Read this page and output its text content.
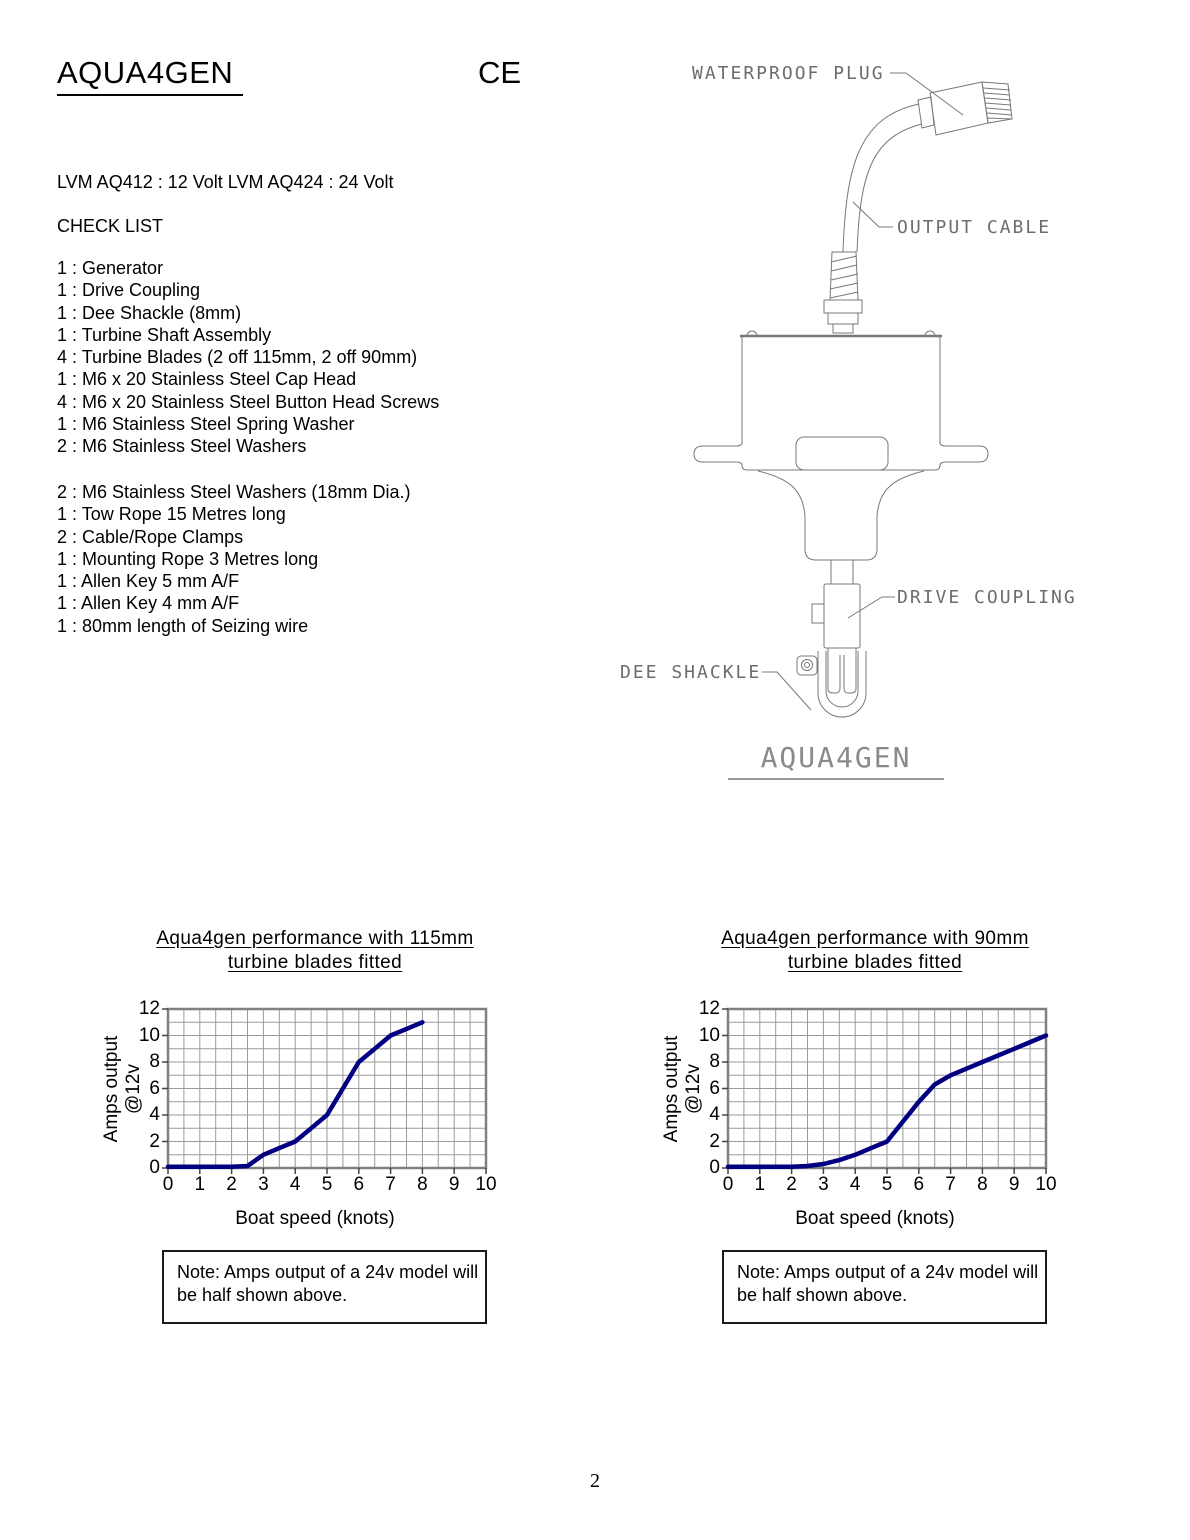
AQUA4GEN	CE
LVM AQ412 : 12 Volt LVM AQ424 : 24 Volt
CHECK LIST
1 : Generator
1 : Drive Coupling
1 : Dee Shackle (8mm)
1 : Turbine Shaft Assembly
4 : Turbine Blades (2 off 115mm, 2 off 90mm)
1 : M6 x 20 Stainless Steel Cap Head
4 : M6 x 20 Stainless Steel Button Head Screws
1 : M6 Stainless Steel Spring Washer
2 : M6 Stainless Steel Washers
2 : M6 Stainless Steel Washers (18mm Dia.)
1 : Tow Rope 15 Metres long
2 : Cable/Rope Clamps
1 : Mounting Rope 3 Metres long
1 : Allen Key 5 mm A/F
1 : Allen Key 4 mm A/F
1 : 80mm length of Seizing wire
WATERPROOF PLUG
OUTPUT CABLE
DRIVE COUPLING
DEE SHACKLE
AQUA4GEN
Aqua4gen performance with 115mm
turbine blades fitted
Amps output @12v
0
2
4
6
8
10
12
0	1	2	3	4	5	6	7	8	9 10
Boat speed (knots)
Note: Amps output of a 24v model will be half shown above.
Aqua4gen performance with 90mm
turbine blades fitted
Amps output @12v
0
2
4
6
8
10
12
0	1	2	3	4	5	6	7	8	9 10
Boat speed (knots)
Note: Amps output of a 24v model will be half shown above.
2
